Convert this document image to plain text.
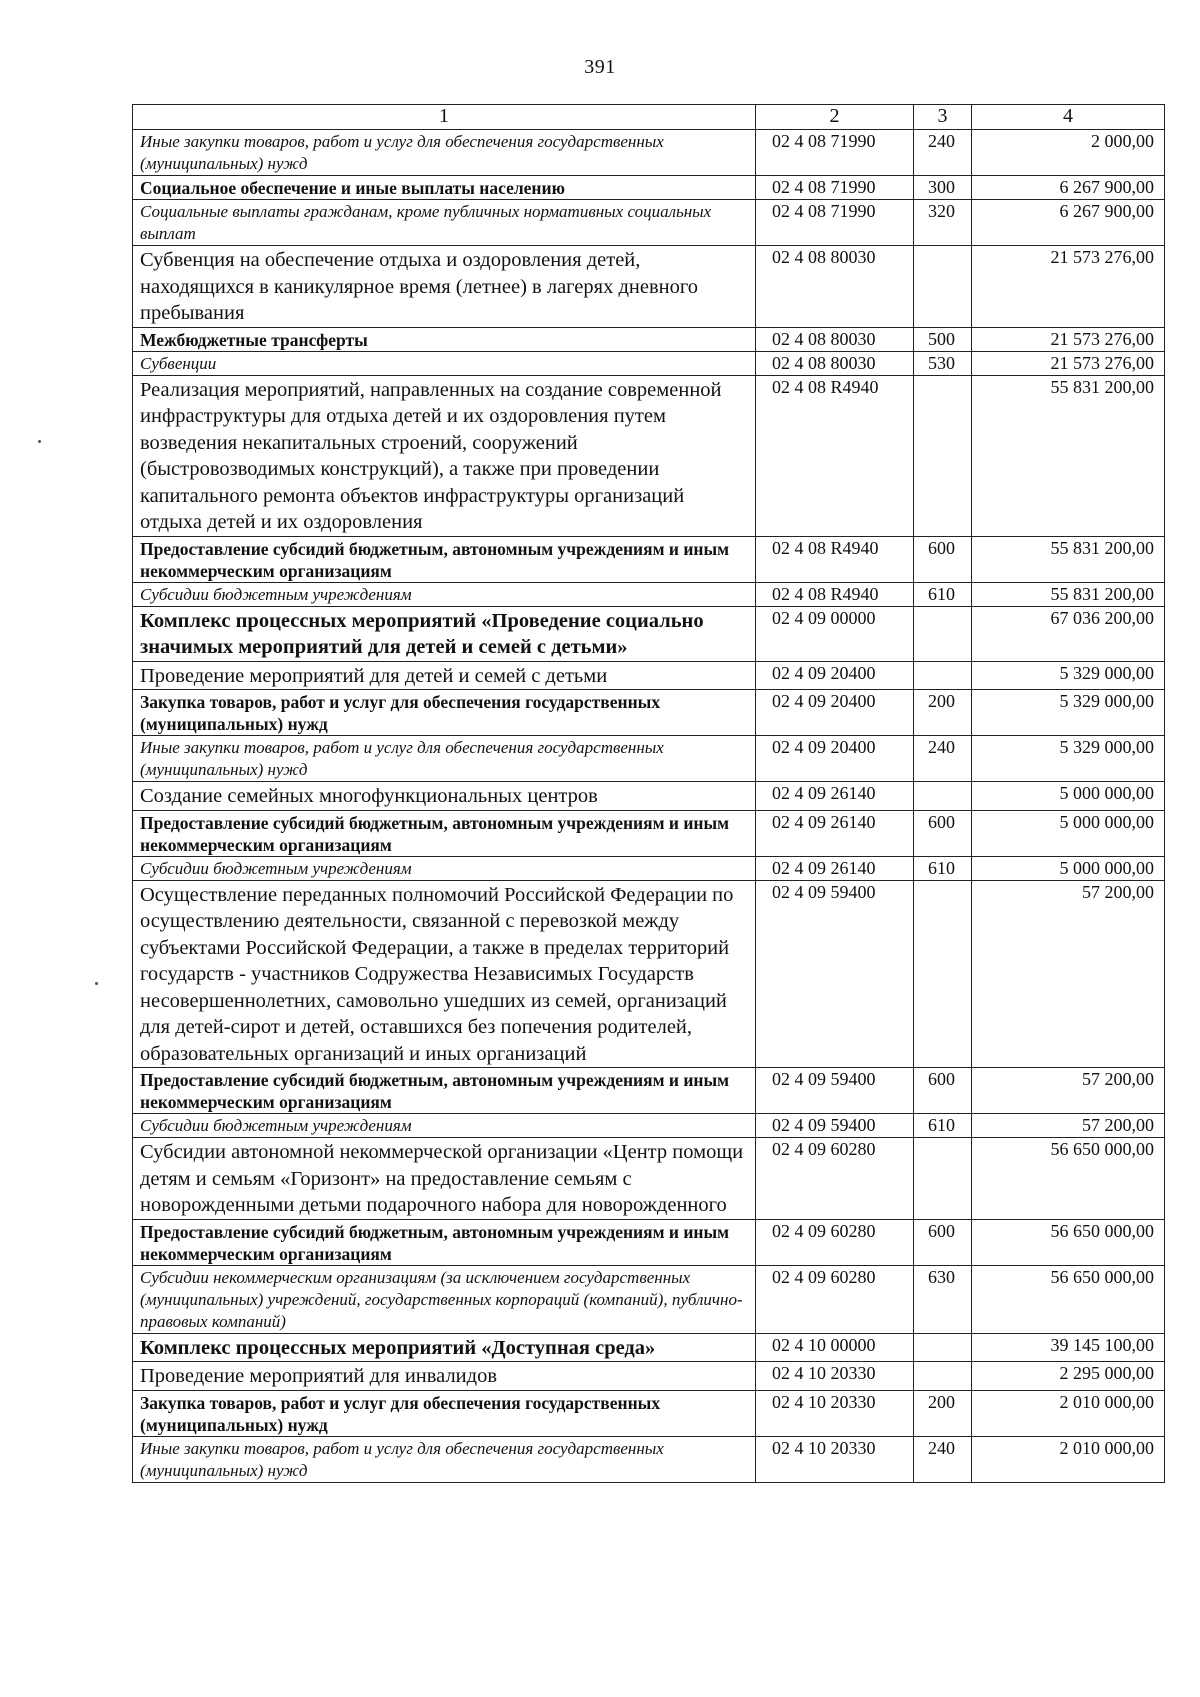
391
1	2	3	4
Иные закупки товаров, работ и услуг для обеспечения государственных (муниципальных) нужд	02 4 08 71990	240	2 000,00
Социальное обеспечение и иные выплаты населению	02 4 08 71990	300	6 267 900,00
Социальные выплаты гражданам, кроме публичных нормативных социальных выплат	02 4 08 71990	320	6 267 900,00
Субвенция на обеспечение отдыха и оздоровления детей, находящихся в каникулярное время (летнее) в лагерях дневного пребывания	02 4 08 80030		21 573 276,00
Межбюджетные трансферты	02 4 08 80030	500	21 573 276,00
Субвенции	02 4 08 80030	530	21 573 276,00
Реализация мероприятий, направленных на создание современной инфраструктуры для отдыха детей и их оздоровления путем возведения некапитальных строений, сооружений (быстровозводимых конструкций), а также при проведении капитального ремонта объектов инфраструктуры организаций отдыха детей и их оздоровления	02 4 08 R4940		55 831 200,00
Предоставление субсидий бюджетным, автономным учреждениям и иным некоммерческим организациям	02 4 08 R4940	600	55 831 200,00
Субсидии бюджетным учреждениям	02 4 08 R4940	610	55 831 200,00
Комплекс процессных мероприятий «Проведение социально значимых мероприятий для детей и семей с детьми»	02 4 09 00000		67 036 200,00
Проведение мероприятий для детей и семей с детьми	02 4 09 20400		5 329 000,00
Закупка товаров, работ и услуг для обеспечения государственных (муниципальных) нужд	02 4 09 20400	200	5 329 000,00
Иные закупки товаров, работ и услуг для обеспечения государственных (муниципальных) нужд	02 4 09 20400	240	5 329 000,00
Создание семейных многофункциональных центров	02 4 09 26140		5 000 000,00
Предоставление субсидий бюджетным, автономным учреждениям и иным некоммерческим организациям	02 4 09 26140	600	5 000 000,00
Субсидии бюджетным учреждениям	02 4 09 26140	610	5 000 000,00
Осуществление переданных полномочий Российской Федерации по осуществлению деятельности, связанной с перевозкой между субъектами Российской Федерации, а также в пределах территорий государств - участников Содружества Независимых Государств несовершеннолетних, самовольно ушедших из семей, организаций для детей-сирот и детей, оставшихся без попечения родителей, образовательных организаций и иных организаций	02 4 09 59400		57 200,00
Предоставление субсидий бюджетным, автономным учреждениям и иным некоммерческим организациям	02 4 09 59400	600	57 200,00
Субсидии бюджетным учреждениям	02 4 09 59400	610	57 200,00
Субсидии автономной некоммерческой организации «Центр помощи детям и семьям «Горизонт» на предоставление семьям с новорожденными детьми подарочного набора для новорожденного	02 4 09 60280		56 650 000,00
Предоставление субсидий бюджетным, автономным учреждениям и иным некоммерческим организациям	02 4 09 60280	600	56 650 000,00
Субсидии некоммерческим организациям (за исключением государственных (муниципальных) учреждений, государственных корпораций (компаний), публично-правовых компаний)	02 4 09 60280	630	56 650 000,00
Комплекс процессных мероприятий «Доступная среда»	02 4 10 00000		39 145 100,00
Проведение мероприятий для инвалидов	02 4 10 20330		2 295 000,00
Закупка товаров, работ и услуг для обеспечения государственных (муниципальных) нужд	02 4 10 20330	200	2 010 000,00
Иные закупки товаров, работ и услуг для обеспечения государственных (муниципальных) нужд	02 4 10 20330	240	2 010 000,00
